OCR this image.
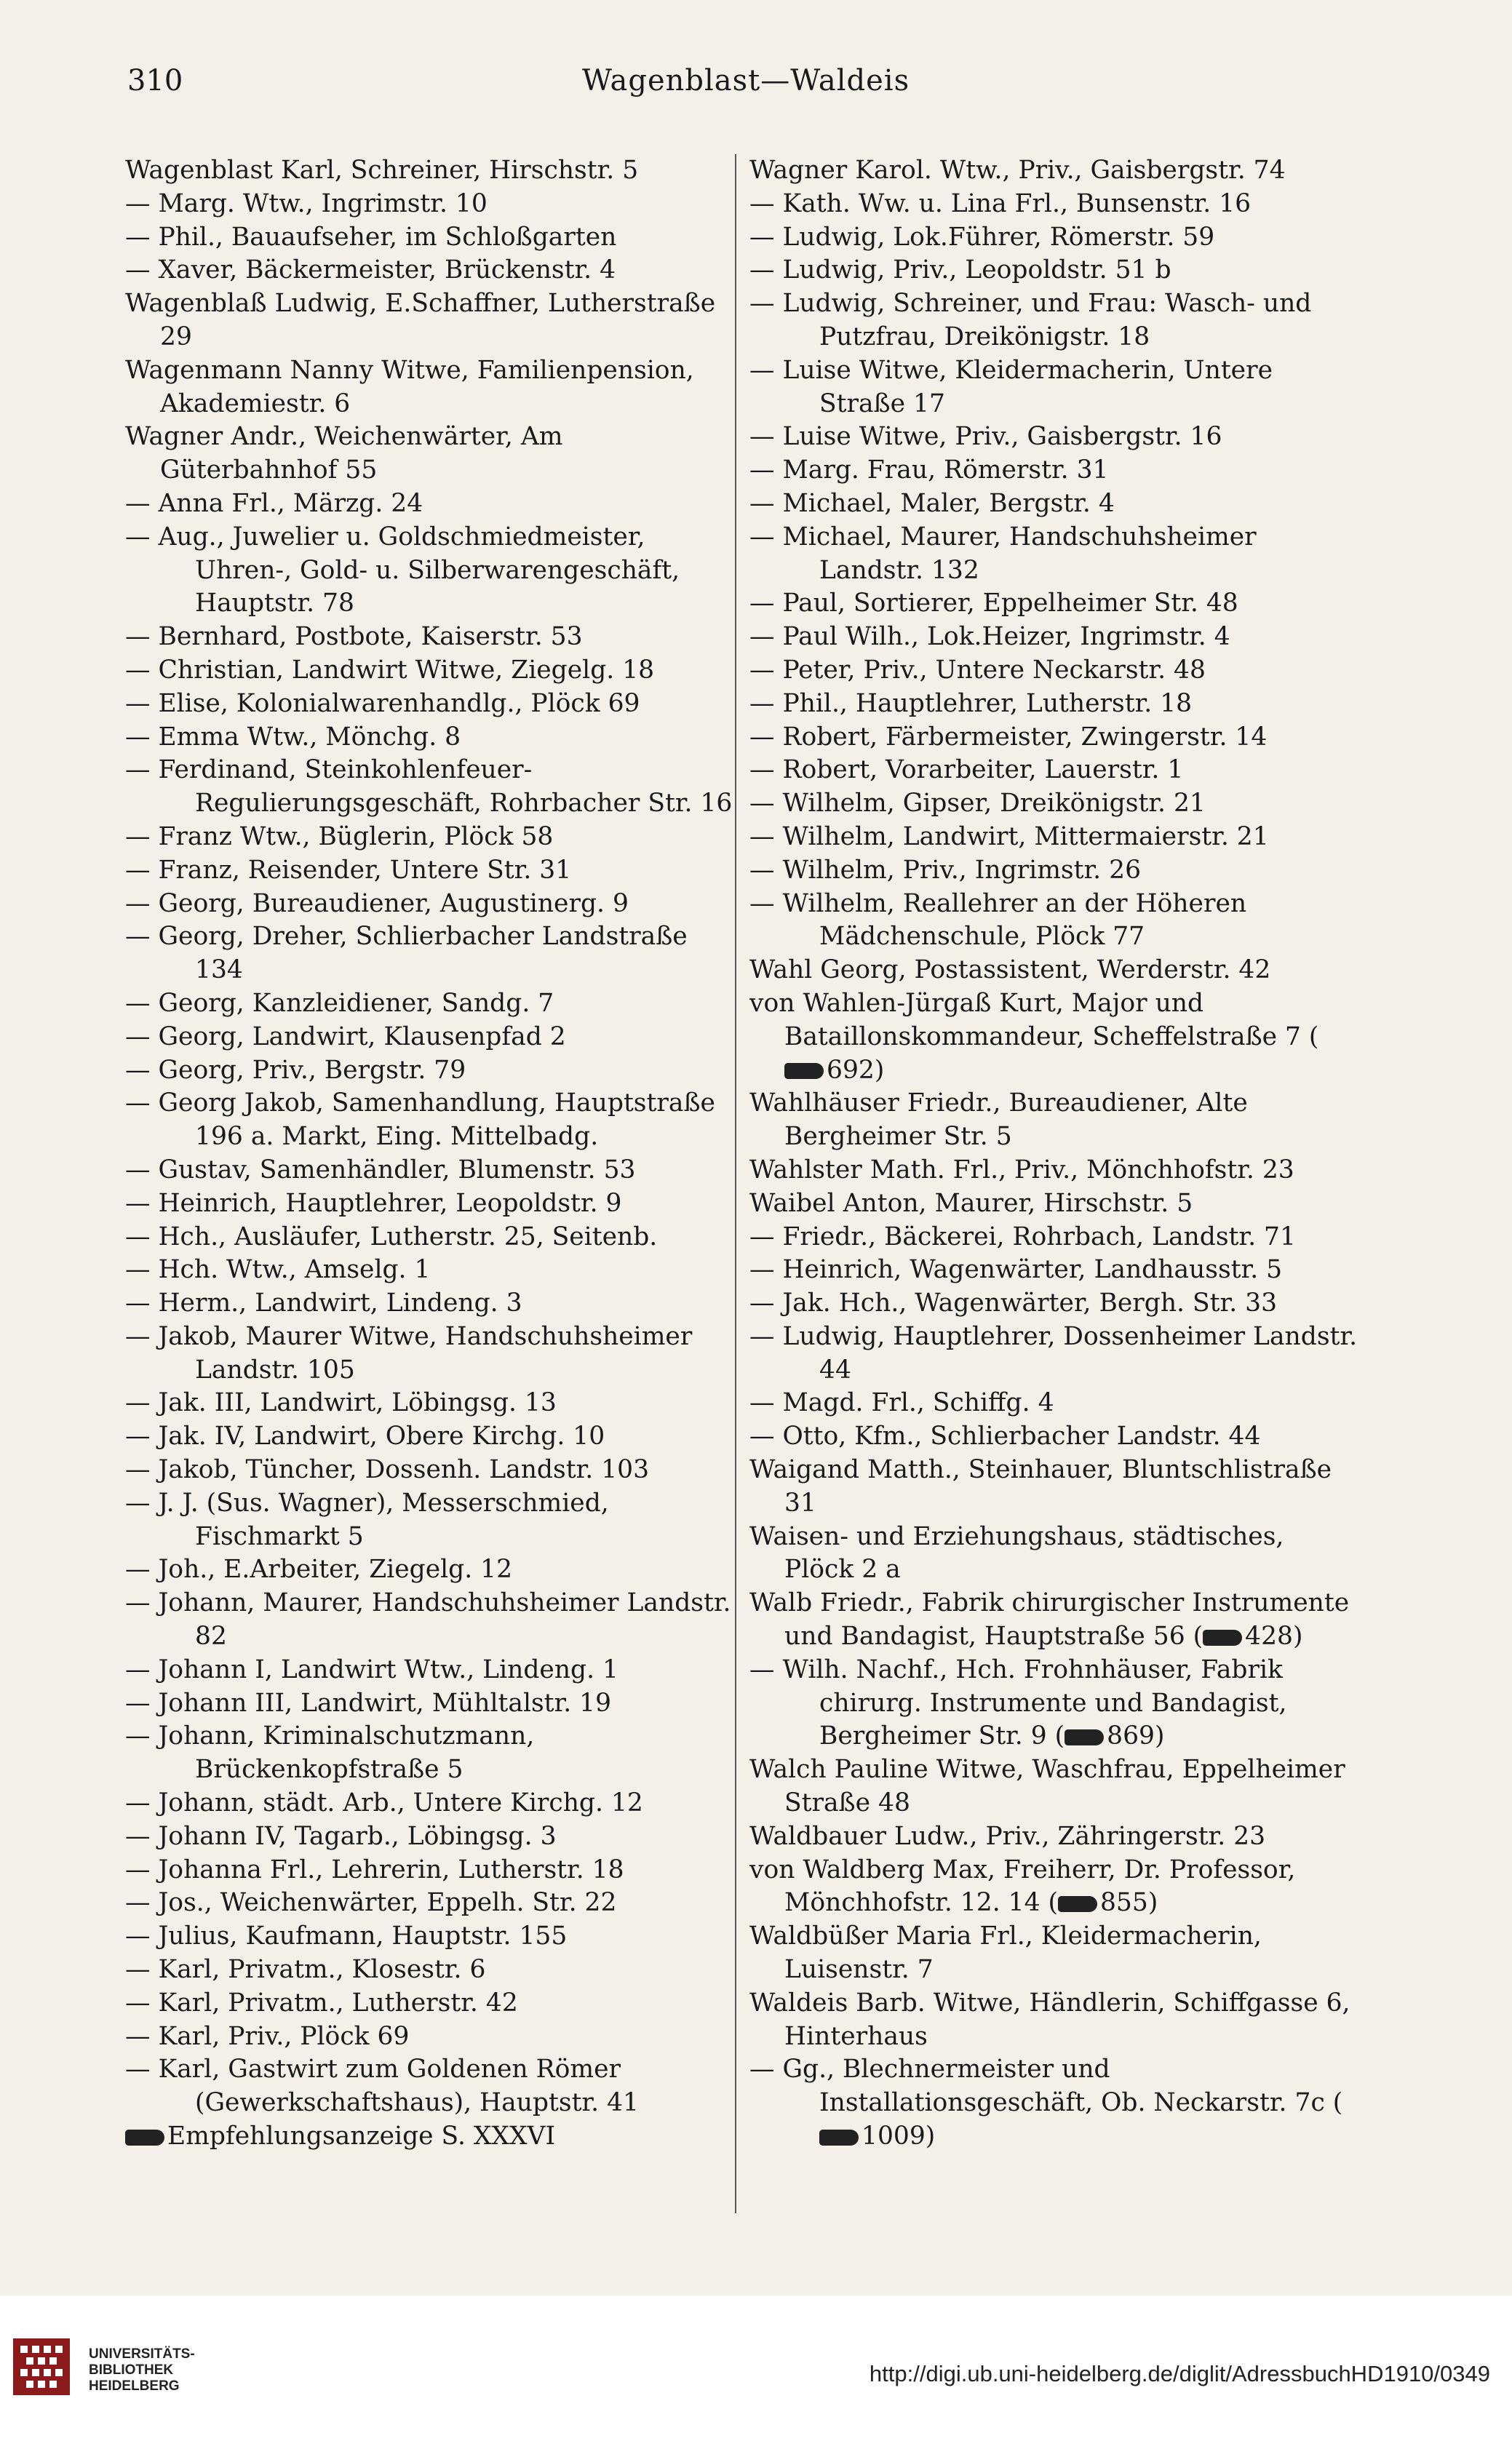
310	Wagenblast—Waldeis
Wagenblast Karl, Schreiner, Hirschstr. 5
— Marg. Wtw., Ingrimstr. 10
— Phil., Bauaufseher, im Schloßgarten
— Xaver, Bäckermeister, Brückenstr. 4
Wagenblaß Ludwig, E.Schaffner, Lutherstraße 29
Wagenmann Nanny Witwe, Familienpension, Akademiestr. 6
Wagner Andr., Weichenwärter, Am Güterbahnhof 55
— Anna Frl., Märzg. 24
— Aug., Juwelier u. Goldschmiedmeister, Uhren-, Gold- u. Silberwarengeschäft, Hauptstr. 78
— Bernhard, Postbote, Kaiserstr. 53
— Christian, Landwirt Witwe, Ziegelg. 18
— Elise, Kolonialwarenhandlg., Plöck 69
— Emma Wtw., Mönchg. 8
— Ferdinand, Steinkohlenfeuer-Regulierungsgeschäft, Rohrbacher Str. 16
— Franz Wtw., Büglerin, Plöck 58
— Franz, Reisender, Untere Str. 31
— Georg, Bureaudiener, Augustinerg. 9
— Georg, Dreher, Schlierbacher Landstraße 134
— Georg, Kanzleidiener, Sandg. 7
— Georg, Landwirt, Klausenpfad 2
— Georg, Priv., Bergstr. 79
— Georg Jakob, Samenhandlung, Hauptstraße 196 a. Markt, Eing. Mittelbadg.
— Gustav, Samenhändler, Blumenstr. 53
— Heinrich, Hauptlehrer, Leopoldstr. 9
— Hch., Ausläufer, Lutherstr. 25, Seitenb.
— Hch. Wtw., Amselg. 1
— Herm., Landwirt, Lindeng. 3
— Jakob, Maurer Witwe, Handschuhsheimer Landstr. 105
— Jak. III, Landwirt, Löbingsg. 13
— Jak. IV, Landwirt, Obere Kirchg. 10
— Jakob, Tüncher, Dossenh. Landstr. 103
— J. J. (Sus. Wagner), Messerschmied, Fischmarkt 5
— Joh., E.Arbeiter, Ziegelg. 12
— Johann, Maurer, Handschuhsheimer Landstr. 82
— Johann I, Landwirt Wtw., Lindeng. 1
— Johann III, Landwirt, Mühltalstr. 19
— Johann, Kriminalschutzmann, Brückenkopfstraße 5
— Johann, städt. Arb., Untere Kirchg. 12
— Johann IV, Tagarb., Löbingsg. 3
— Johanna Frl., Lehrerin, Lutherstr. 18
— Jos., Weichenwärter, Eppelh. Str. 22
— Julius, Kaufmann, Hauptstr. 155
— Karl, Privatm., Klosestr. 6
— Karl, Privatm., Lutherstr. 42
— Karl, Priv., Plöck 69
— Karl, Gastwirt zum Goldenen Römer (Gewerkschaftshaus), Hauptstr. 41
Empfehlungsanzeige S. XXXVI
Wagner Karol. Wtw., Priv., Gaisbergstr. 74
— Kath. Ww. u. Lina Frl., Bunsenstr. 16
— Ludwig, Lok.Führer, Römerstr. 59
— Ludwig, Priv., Leopoldstr. 51 b
— Ludwig, Schreiner, und Frau: Wasch- und Putzfrau, Dreikönigstr. 18
— Luise Witwe, Kleidermacherin, Untere Straße 17
— Luise Witwe, Priv., Gaisbergstr. 16
— Marg. Frau, Römerstr. 31
— Michael, Maler, Bergstr. 4
— Michael, Maurer, Handschuhsheimer Landstr. 132
— Paul, Sortierer, Eppelheimer Str. 48
— Paul Wilh., Lok.Heizer, Ingrimstr. 4
— Peter, Priv., Untere Neckarstr. 48
— Phil., Hauptlehrer, Lutherstr. 18
— Robert, Färbermeister, Zwingerstr. 14
— Robert, Vorarbeiter, Lauerstr. 1
— Wilhelm, Gipser, Dreikönigstr. 21
— Wilhelm, Landwirt, Mittermaierstr. 21
— Wilhelm, Priv., Ingrimstr. 26
— Wilhelm, Reallehrer an der Höheren Mädchenschule, Plöck 77
Wahl Georg, Postassistent, Werderstr. 42
von Wahlen-Jürgaß Kurt, Major und Bataillonskommandeur, Scheffelstraße 7 (692)
Wahlhäuser Friedr., Bureaudiener, Alte Bergheimer Str. 5
Wahlster Math. Frl., Priv., Mönchhofstr. 23
Waibel Anton, Maurer, Hirschstr. 5
— Friedr., Bäckerei, Rohrbach, Landstr. 71
— Heinrich, Wagenwärter, Landhausstr. 5
— Jak. Hch., Wagenwärter, Bergh. Str. 33
— Ludwig, Hauptlehrer, Dossenheimer Landstr. 44
— Magd. Frl., Schiffg. 4
— Otto, Kfm., Schlierbacher Landstr. 44
Waigand Matth., Steinhauer, Bluntschlistraße 31
Waisen- und Erziehungshaus, städtisches, Plöck 2 a
Walb Friedr., Fabrik chirurgischer Instrumente und Bandagist, Hauptstraße 56 ( 428)
— Wilh. Nachf., Hch. Frohnhäuser, Fabrik chirurg. Instrumente und Bandagist, Bergheimer Str. 9 ( 869)
Walch Pauline Witwe, Waschfrau, Eppelheimer Straße 48
Waldbauer Ludw., Priv., Zähringerstr. 23
von Waldberg Max, Freiherr, Dr. Professor, Mönchhofstr. 12. 14 ( 855)
Waldbüßer Maria Frl., Kleidermacherin, Luisenstr. 7
Waldeis Barb. Witwe, Händlerin, Schiffgasse 6, Hinterhaus
— Gg., Blechnermeister und Installationsgeschäft, Ob. Neckarstr. 7c (1009)
UNIVERSITÄTS-
BIBLIOTHEK
HEIDELBERG	http://digi.ub.uni-heidelberg.de/diglit/AdressbuchHD1910/0349
